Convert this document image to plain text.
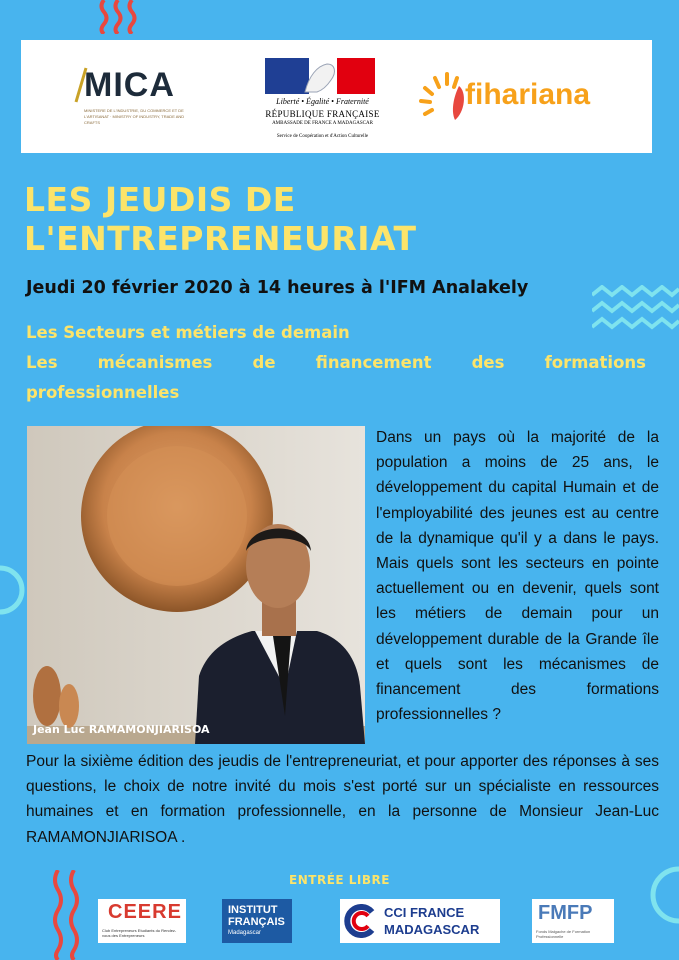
MICA
MINISTERE DE L'INDUSTRIE, DU COMMERCE ET DE L'ARTISANAT · MINISTRY OF INDUSTRY, TRADE AND CRAFTS
Liberté • Égalité • Fraternité
RÉPUBLIQUE FRANÇAISE
AMBASSADE DE FRANCE A MADAGASCAR
Service de Coopération et d'Action Culturelle
fihariana
LES JEUDIS DE
L'ENTREPRENEURIAT
Jeudi 20 février 2020 à 14 heures à l'IFM Analakely
Les Secteurs et métiers de demain
Les mécanismes de financement des formations
professionnelles
Jean Luc RAMAMONJIARISOA
Dans un pays où la majorité de la population a moins de 25 ans, le développement du capital Humain et de l'employabilité des jeunes est au centre de la dynamique qu'il y a dans le pays. Mais quels sont les secteurs en pointe actuellement ou en devenir, quels sont les métiers de demain pour un développement durable de la Grande île et quels sont les mécanismes de financement des formations professionnelles ?
Pour la sixième édition des jeudis de l'entrepreneuriat, et pour apporter des réponses à ses questions, le choix de notre invité du mois s'est porté sur un spécialiste en ressources humaines et en formation professionnelle, en la personne de Monsieur Jean-Luc RAMAMONJIARISOA .
ENTRÉE LIBRE
CEERE
Club Entrepreneurs Etudiants du Rendez-vous des Entrepreneurs
INSTITUT
FRANÇAIS
Madagascar
CCI FRANCE
MADAGASCAR
FMFP
Fonds Malgache de Formation Professionnelle
